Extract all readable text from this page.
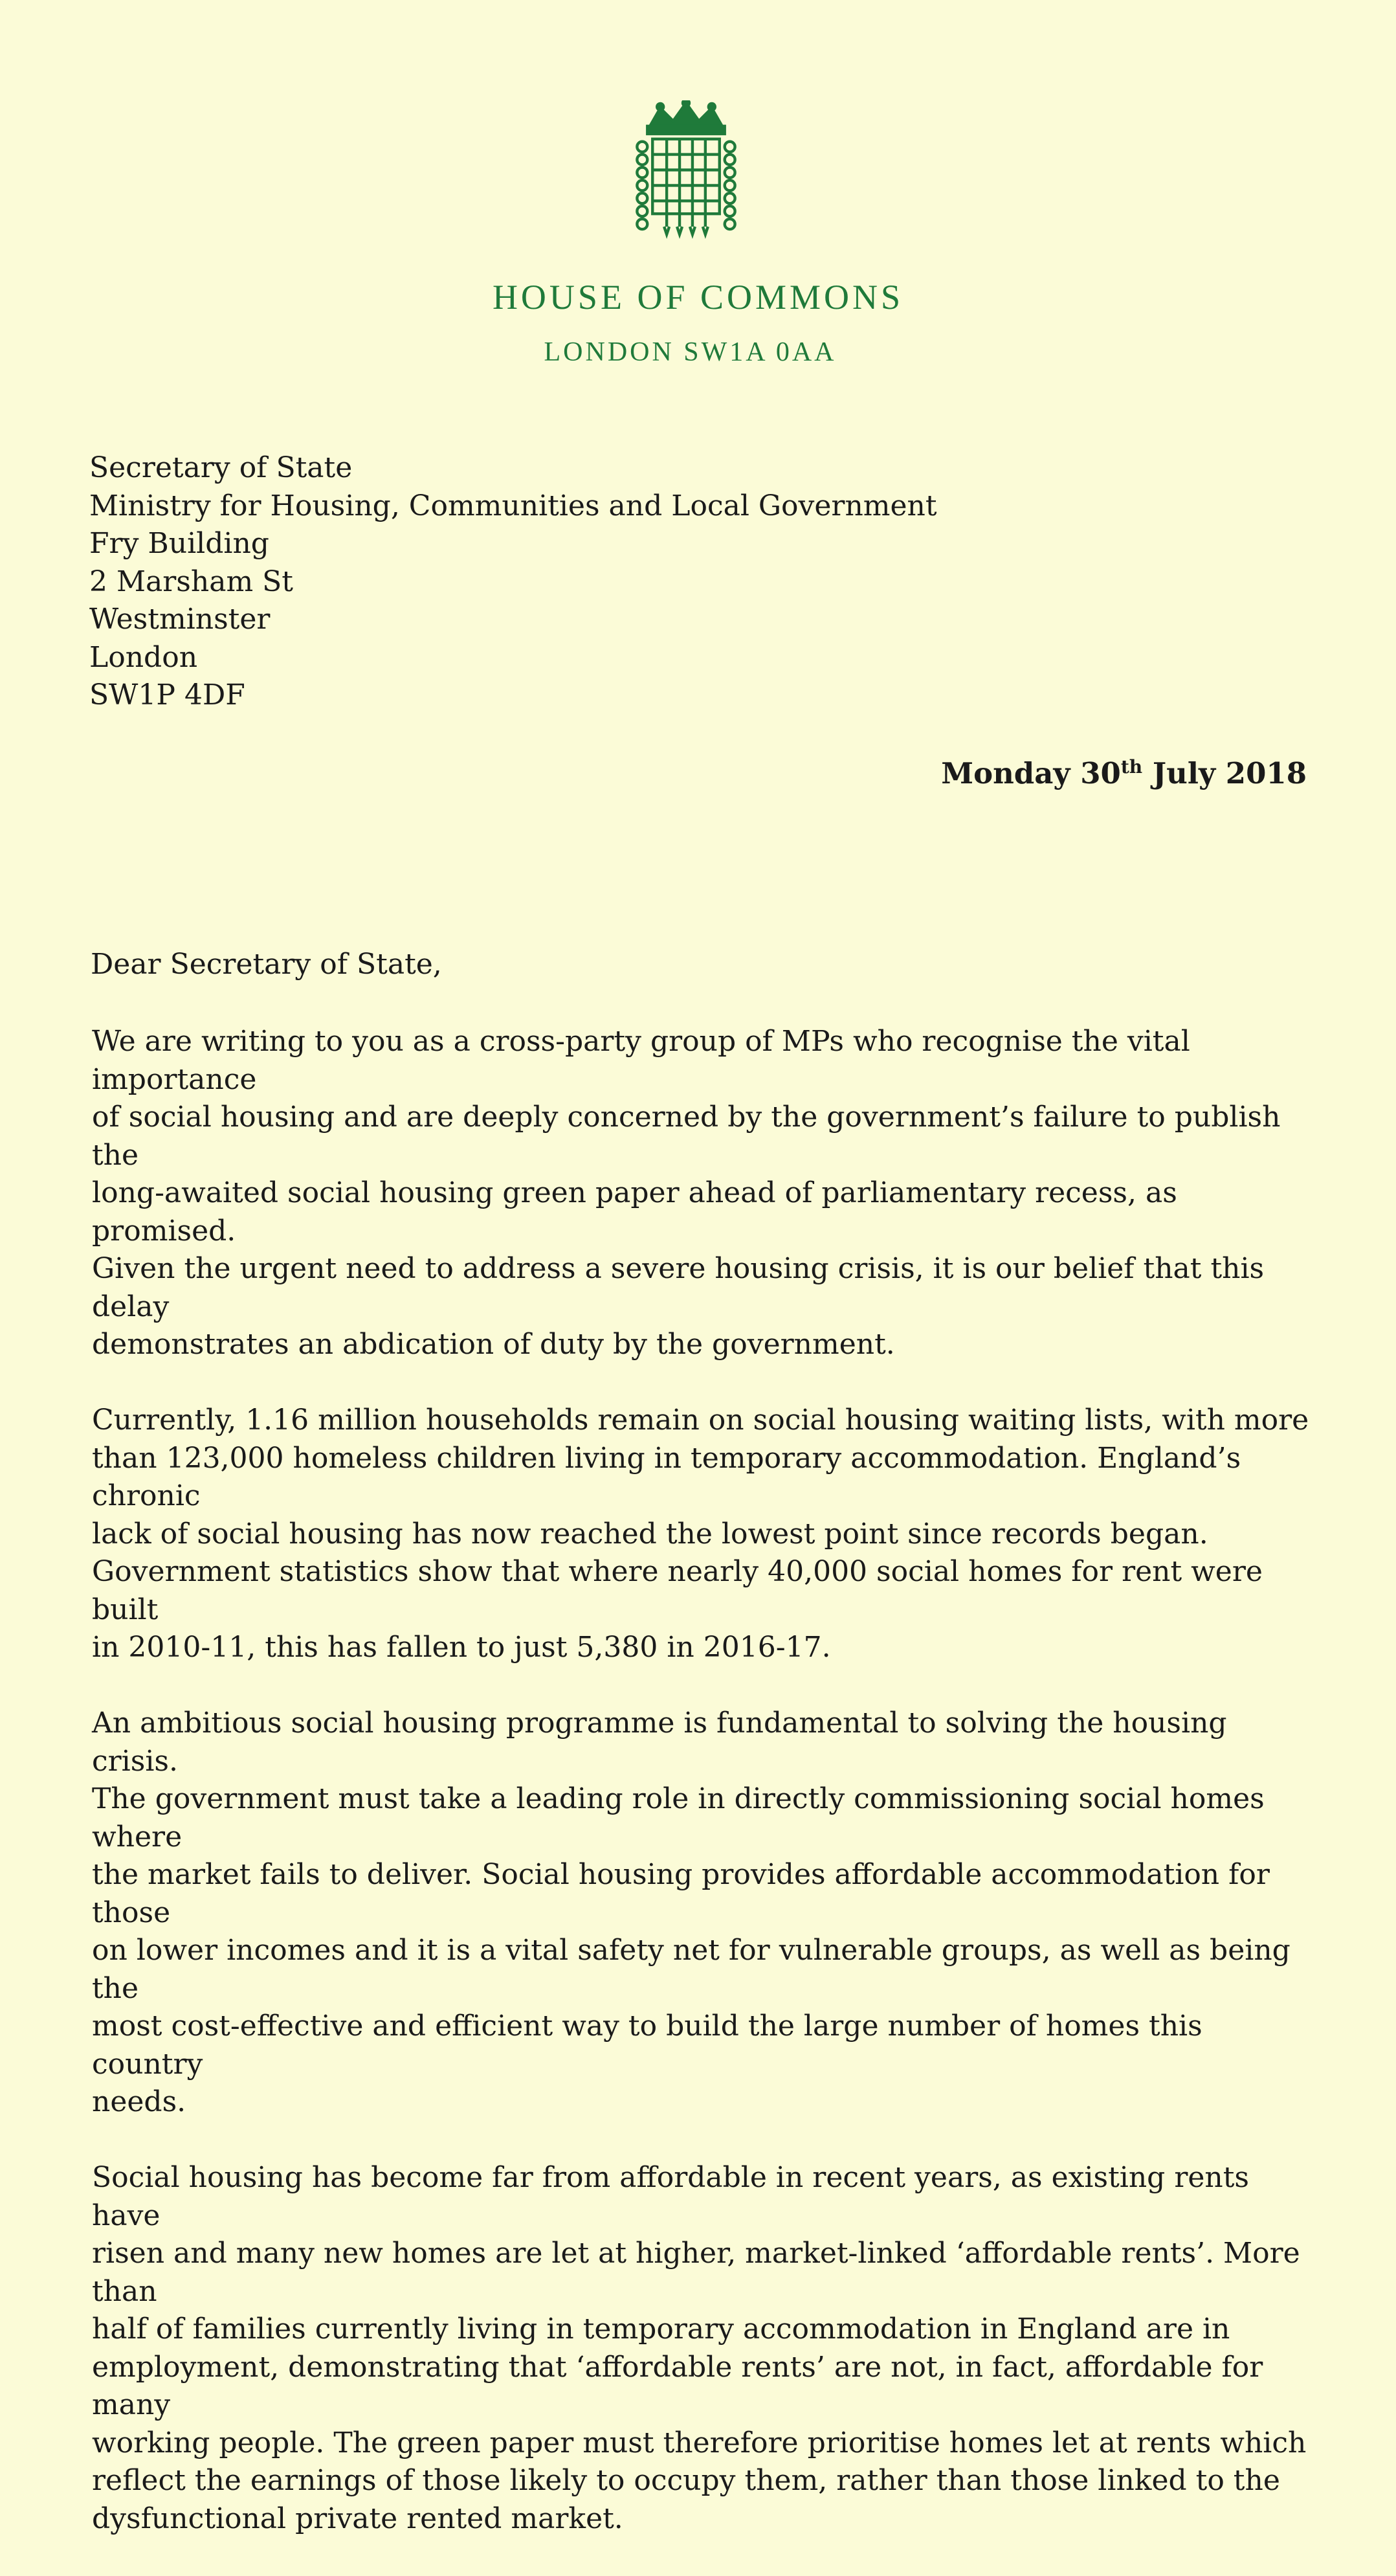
HOUSE OF COMMONS
LONDON SW1A 0AA
Secretary of State
Ministry for Housing, Communities and Local Government
Fry Building
2 Marsham St
Westminster
London
SW1P 4DF
Monday 30th July 2018
Dear Secretary of State,

We are writing to you as a cross-party group of MPs who recognise the vital importance
of social housing and are deeply concerned by the government’s failure to publish the
long-awaited social housing green paper ahead of parliamentary recess, as promised.
Given the urgent need to address a severe housing crisis, it is our belief that this delay
demonstrates an abdication of duty by the government.

Currently, 1.16 million households remain on social housing waiting lists, with more
than 123,000 homeless children living in temporary accommodation. England’s chronic
lack of social housing has now reached the lowest point since records began.
Government statistics show that where nearly 40,000 social homes for rent were built
in 2010-11, this has fallen to just 5,380 in 2016-17.

An ambitious social housing programme is fundamental to solving the housing crisis.
The government must take a leading role in directly commissioning social homes where
the market fails to deliver. Social housing provides affordable accommodation for those
on lower incomes and it is a vital safety net for vulnerable groups, as well as being the
most cost-effective and efficient way to build the large number of homes this country
needs.

Social housing has become far from affordable in recent years, as existing rents have
risen and many new homes are let at higher, market-linked ‘affordable rents’. More than
half of families currently living in temporary accommodation in England are in
employment, demonstrating that ‘affordable rents’ are not, in fact, affordable for many
working people. The green paper must therefore prioritise homes let at rents which
reflect the earnings of those likely to occupy them, rather than those linked to the
dysfunctional private rented market.
